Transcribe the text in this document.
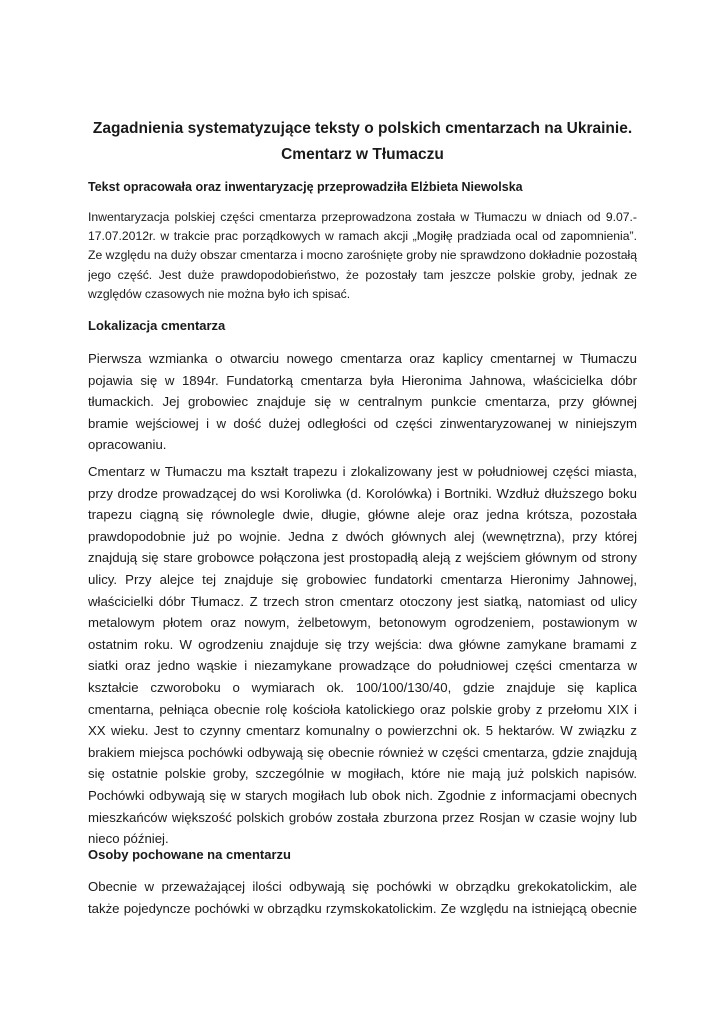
Zagadnienia systematyzujące teksty o polskich cmentarzach na Ukrainie.
Cmentarz w Tłumaczu

Tekst opracowała oraz inwentaryzację przeprowadziła Elżbieta Niewolska

Inwentaryzacja polskiej części cmentarza przeprowadzona została w Tłumaczu w dniach od 9.07.-
17.07.2012r. w trakcie prac porządkowych w ramach akcji „Mogiłę pradziada ocal od zapomnienia”.
Ze względu na duży obszar cmentarza i mocno zarośnięte groby nie sprawdzono dokładnie pozostałą
jego część. Jest duże prawdopodobieństwo, że pozostały tam jeszcze polskie groby, jednak ze
względów czasowych nie można było ich spisać.
Lokalizacja cmentarza
Pierwsza wzmianka o otwarciu nowego cmentarza oraz kaplicy cmentarnej w Tłumaczu
pojawia się w 1894r. Fundatorką cmentarza była Hieronima Jahnowa, właścicielka dóbr
tłumackich. Jej grobowiec znajduje się w centralnym punkcie cmentarza, przy głównej
bramie wejściowej i w dość dużej odległości od części zinwentaryzowanej w niniejszym
opracowaniu.
Cmentarz w Tłumaczu ma kształt trapezu i zlokalizowany jest w południowej części miasta,
przy drodze prowadzącej do wsi Koroliwka (d. Korolówka) i Bortniki. Wzdłuż dłuższego boku
trapezu ciągną się równolegle dwie, długie, główne aleje oraz jedna krótsza, pozostała
prawdopodobnie już po wojnie. Jedna z dwóch głównych alej (wewnętrzna), przy której
znajdują się stare grobowce połączona jest prostopadłą aleją z wejściem głównym od strony
ulicy. Przy alejce tej znajduje się grobowiec fundatorki cmentarza Hieronimy Jahnowej,
właścicielki dóbr Tłumacz. Z trzech stron cmentarz otoczony jest siatką, natomiast od ulicy
metalowym płotem oraz nowym, żelbetowym, betonowym ogrodzeniem, postawionym w
ostatnim roku. W ogrodzeniu znajduje się trzy wejścia: dwa główne zamykane bramami z
siatki oraz jedno wąskie i niezamykane prowadzące do południowej części cmentarza w
kształcie czworoboku o wymiarach ok. 100/100/130/40, gdzie znajduje się kaplica
cmentarna, pełniąca obecnie rolę kościoła katolickiego oraz polskie groby z przełomu XIX i
XX wieku. Jest to czynny cmentarz komunalny o powierzchni ok. 5 hektarów. W związku z
brakiem miejsca pochówki odbywają się obecnie również w części cmentarza, gdzie znajdują
się ostatnie polskie groby, szczególnie w mogiłach, które nie mają już polskich napisów.
Pochówki odbywają się w starych mogiłach lub obok nich. Zgodnie z informacjami obecnych
mieszkańców większość polskich grobów została zburzona przez Rosjan w czasie wojny lub
nieco później.
Osoby pochowane na cmentarzu
Obecnie w przeważającej ilości odbywają się pochówki w obrządku grekokatolickim, ale
także pojedyncze pochówki w obrządku rzymskokatolickim. Ze względu na istniejącą obecnie
